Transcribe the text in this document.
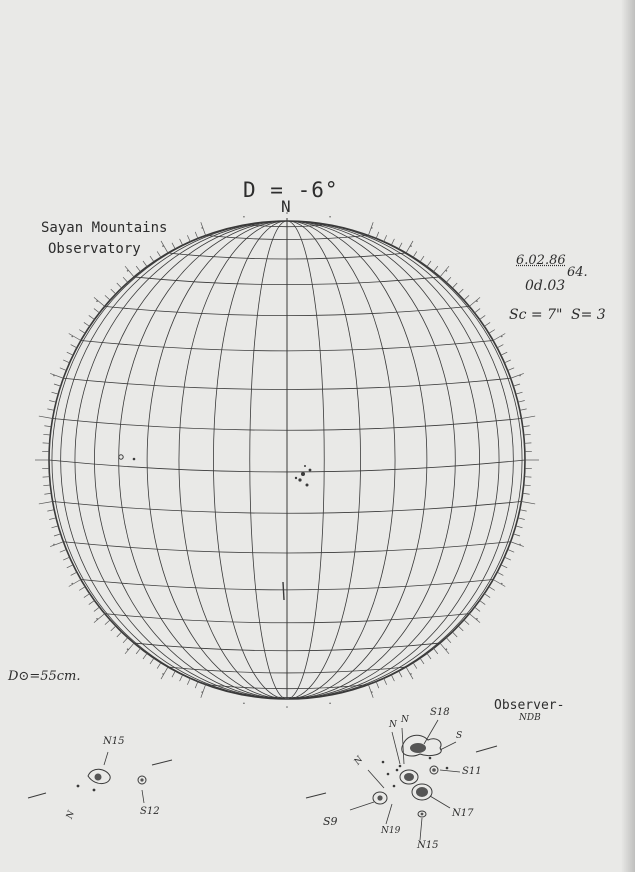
D = -6°
N
Sayan Mountains
Observatory
6.02.86
64.
0d.03
Sc = 7" S= 3
D⊙=55cm.
Observer-
NDB
N15
S12
N
S18
S
N N
N
S11
S9
N17
N19
N15
